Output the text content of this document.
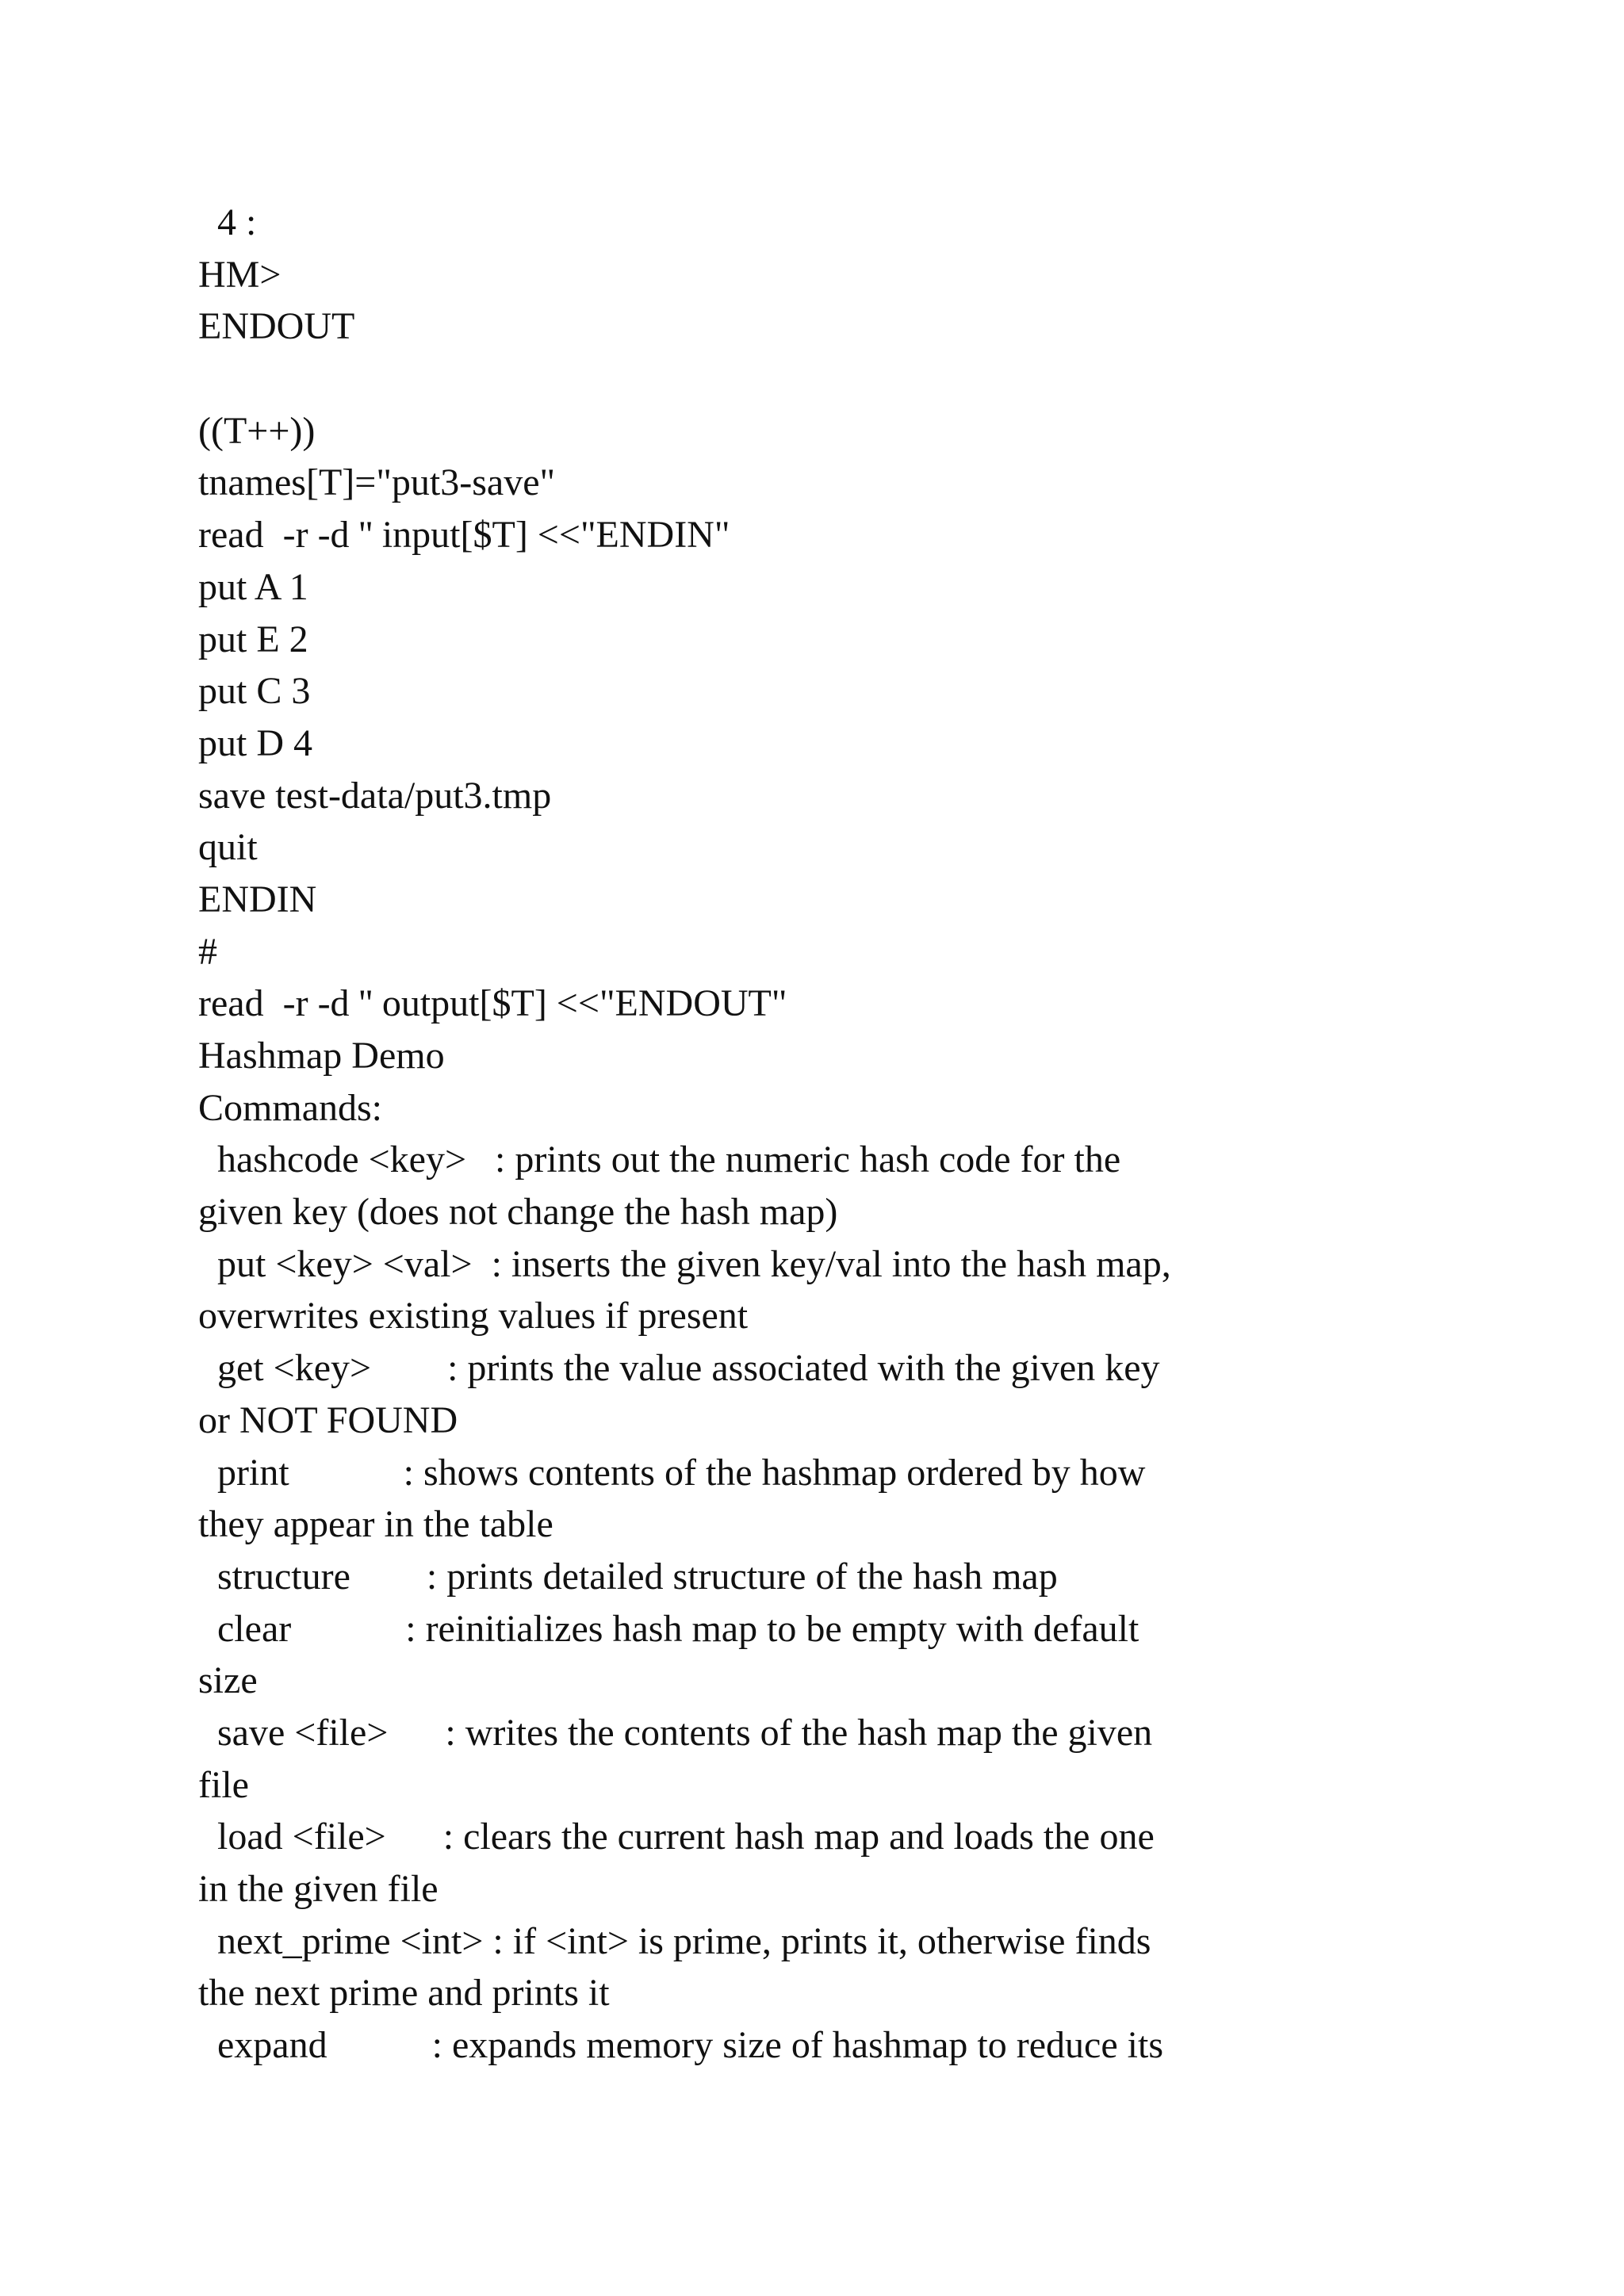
4 :
HM>
ENDOUT
((T++))
tnames[T]="put3-save"
read  -r -d '' input[$T] <<"ENDIN"
put A 1
put E 2
put C 3
put D 4
save test-data/put3.tmp
quit
ENDIN
#
read  -r -d '' output[$T] <<"ENDOUT"
Hashmap Demo
Commands:
hashcode <key>   : prints out the numeric hash code for the
given key (does not change the hash map)
put <key> <val>  : inserts the given key/val into the hash map,
overwrites existing values if present
get <key>        : prints the value associated with the given key
or NOT FOUND
print            : shows contents of the hashmap ordered by how
they appear in the table
structure        : prints detailed structure of the hash map
clear            : reinitializes hash map to be empty with default
size
save <file>      : writes the contents of the hash map the given
file
load <file>      : clears the current hash map and loads the one
in the given file
next_prime <int> : if <int> is prime, prints it, otherwise finds
the next prime and prints it
expand           : expands memory size of hashmap to reduce its
